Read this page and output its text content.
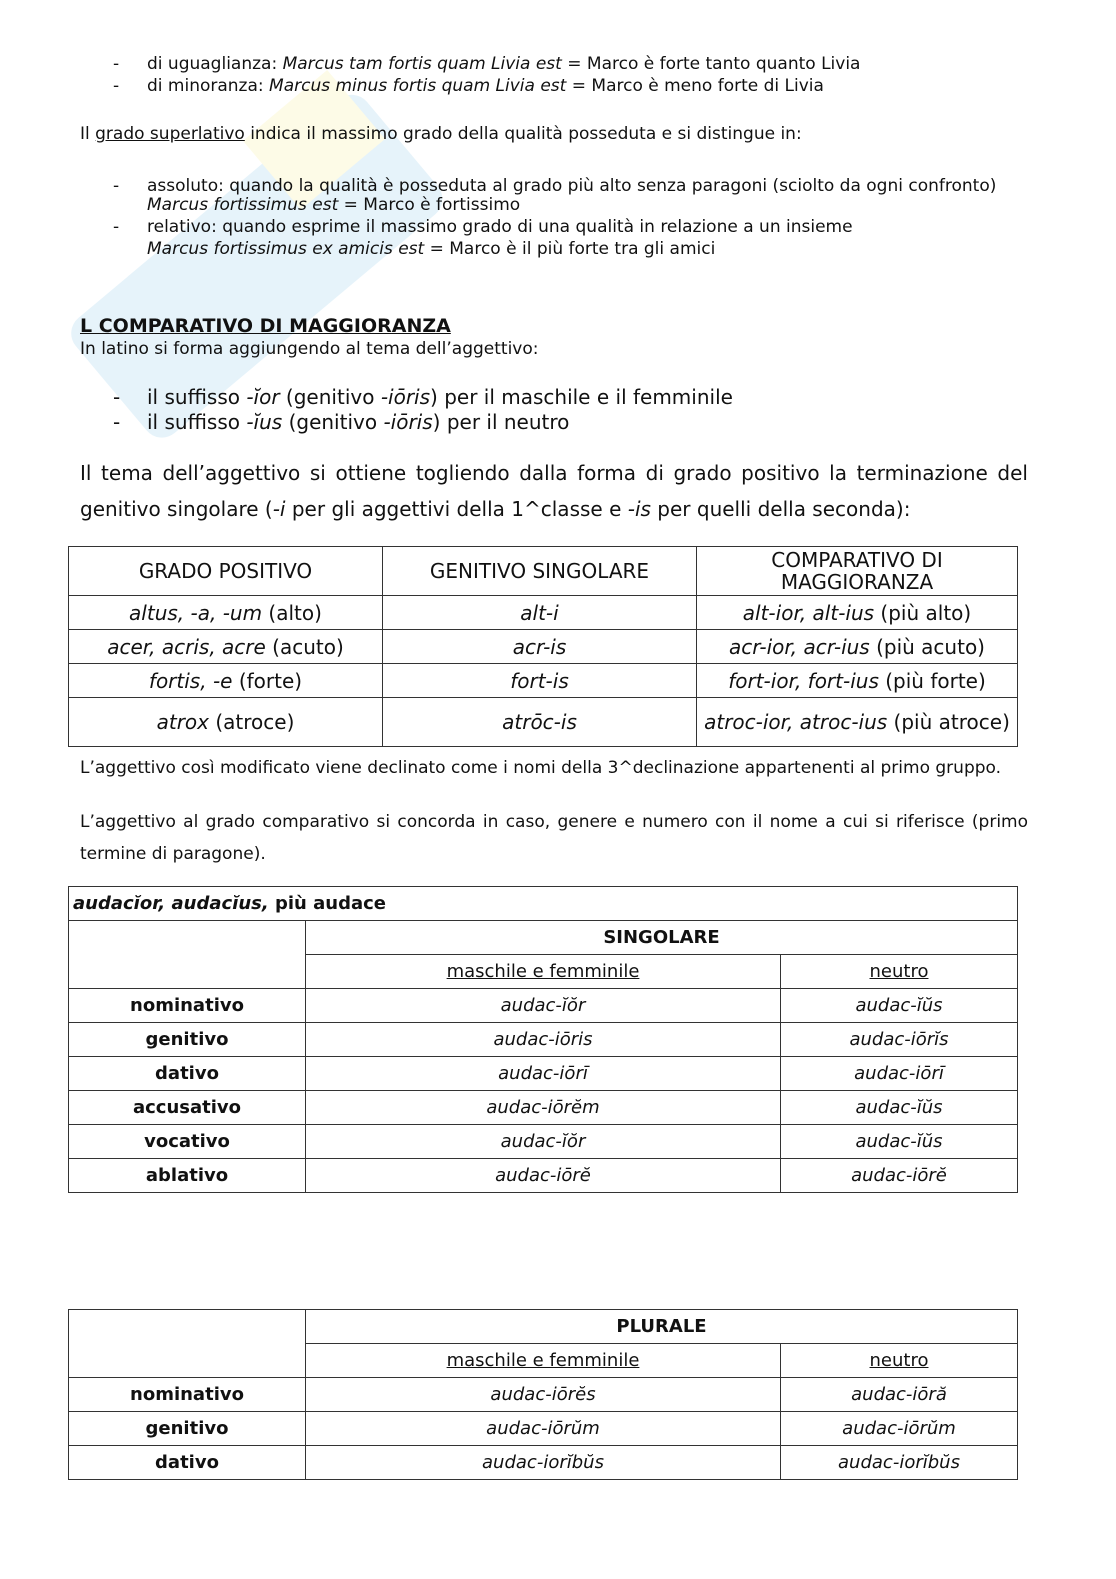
- di uguaglianza: Marcus tam fortis quam Livia est = Marco è forte tanto quanto Livia
- di minoranza: Marcus minus fortis quam Livia est = Marco è meno forte di Livia
Il grado superlativo indica il massimo grado della qualità posseduta e si distingue in:
- assoluto: quando la qualità è posseduta al grado più alto senza paragoni (sciolto da ogni confronto)
Marcus fortissimus est = Marco è fortissimo
- relativo: quando esprime il massimo grado di una qualità in relazione a un insieme
Marcus fortissimus ex amicis est = Marco è il più forte tra gli amici
L COMPARATIVO DI MAGGIORANZA
In latino si forma aggiungendo al tema dell’aggettivo:
- il suffisso -ĭor (genitivo -iōris) per il maschile e il femminile
- il suffisso -ĭus (genitivo -iōris) per il neutro
Il tema dell’aggettivo si ottiene togliendo dalla forma di grado positivo la terminazione del genitivo singolare (-i per gli aggettivi della 1^classe e -is per quelli della seconda):
GRADO POSITIVO	GENITIVO SINGOLARE	COMPARATIVO DI MAGGIORANZA
altus, -a, -um (alto)	alt-i	alt-ior, alt-ius (più alto)
acer, acris, acre (acuto)	acr-is	acr-ior, acr-ius (più acuto)
fortis, -e (forte)	fort-is	fort-ior, fort-ius (più forte)
atrox (atroce)	atrōc-is	atroc-ior, atroc-ius (più atroce)
L’aggettivo così modificato viene declinato come i nomi della 3^declinazione appartenenti al primo gruppo.
L’aggettivo al grado comparativo si concorda in caso, genere e numero con il nome a cui si riferisce (primo termine di paragone).
audacĭor, audacĭus, più audace		
	SINGOLARE	
	maschile e femminile	neutro
nominativo	audac-ĭŏr	audac-ĭŭs
genitivo	audac-iōris	audac-iōrĭs
dativo	audac-iōrī	audac-iōrī
accusativo	audac-iōrĕm	audac-ĭŭs
vocativo	audac-ĭŏr	audac-ĭŭs
ablativo	audac-iōrĕ	audac-iōrĕ
	PLURALE	
	maschile e femminile	neutro
nominativo	audac-iōrĕs	audac-iōră
genitivo	audac-iōrŭm	audac-iōrŭm
dativo	audac-iorĭbŭs	audac-iorĭbŭs
